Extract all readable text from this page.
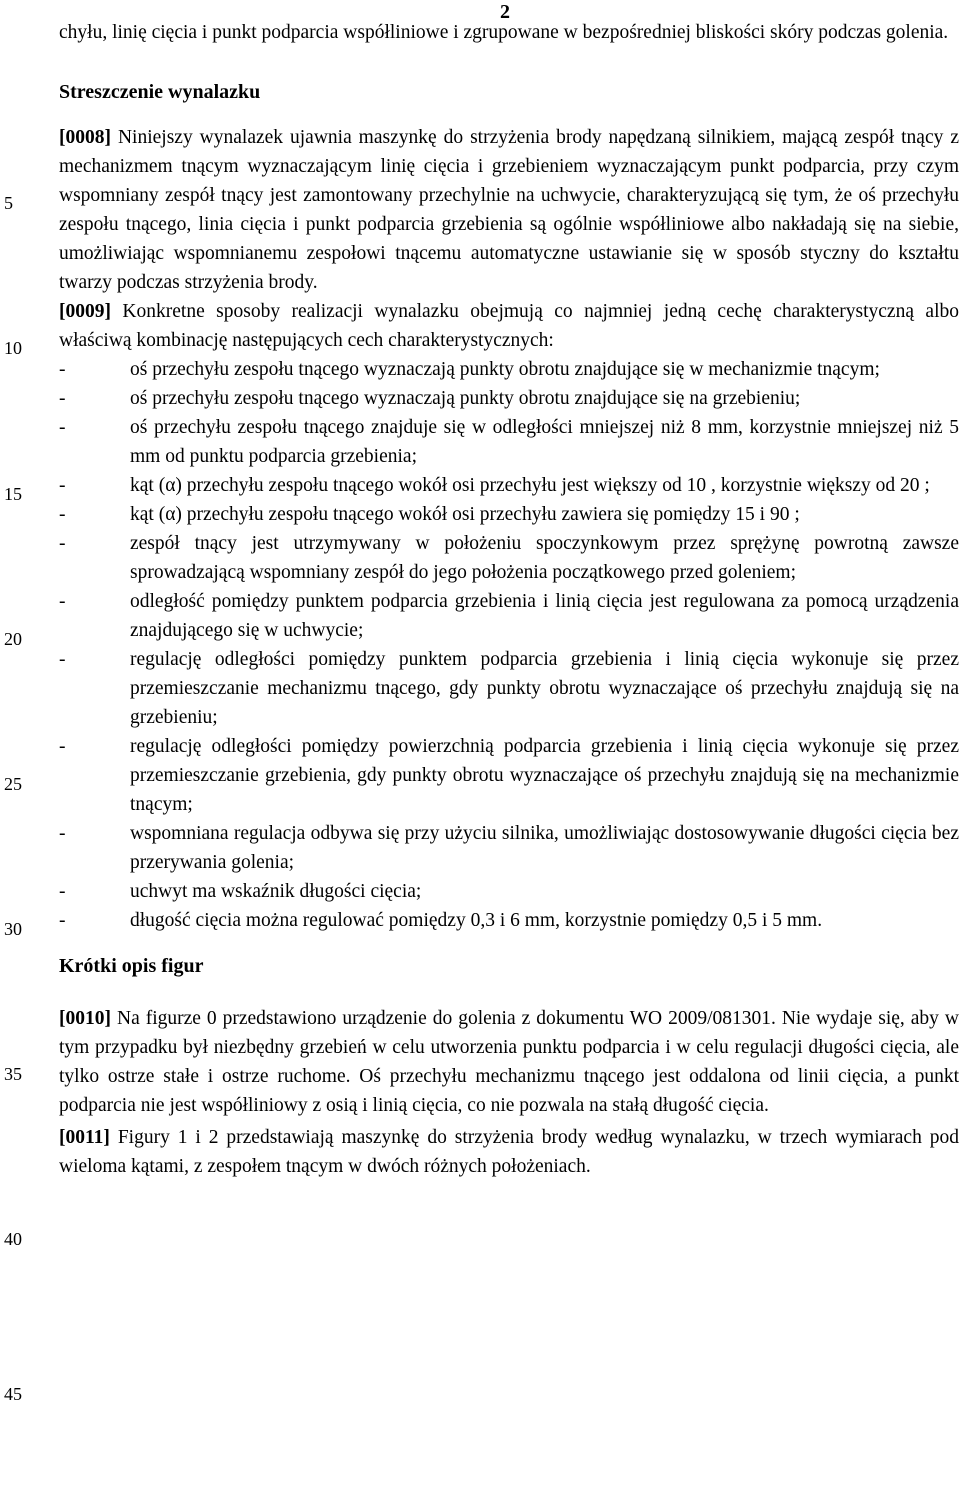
2
5
10
15
20
25
30
35
40
45

chyłu, linię cięcia i punkt podparcia współliniowe i zgrupowane w bezpośredniej bliskości skóry podczas golenia.

Streszczenie wynalazku

[0008] Niniejszy wynalazek ujawnia maszynkę do strzyżenia brody napędzaną silnikiem, mającą zespół tnący z mechanizmem tnącym wyznaczającym linię cięcia i grzebieniem wyznaczającym punkt podparcia, przy czym wspomniany zespół tnący jest zamontowany przechylnie na uchwycie, charakteryzującą się tym, że oś przechyłu zespołu tnącego, linia cięcia i punkt podparcia grzebienia są ogólnie współliniowe albo nakładają się na siebie, umożliwiając wspomnianemu zespołowi tnącemu automatyczne ustawianie się w sposób styczny do kształtu twarzy podczas strzyżenia brody.

[0009] Konkretne sposoby realizacji wynalazku obejmują co najmniej jedną cechę charakterystyczną albo właściwą kombinację następujących cech charakterystycznych:

-	oś przechyłu zespołu tnącego wyznaczają punkty obrotu znajdujące się w mechanizmie tnącym;
-	oś przechyłu zespołu tnącego wyznaczają punkty obrotu znajdujące się na grzebieniu;
-	oś przechyłu zespołu tnącego znajduje się w odległości mniejszej niż 8 mm, korzystnie mniejszej niż 5 mm od punktu podparcia grzebienia;
-	kąt (α) przechyłu zespołu tnącego wokół osi przechyłu jest większy od 10 , korzystnie większy od 20 ;
-	kąt (α) przechyłu zespołu tnącego wokół osi przechyłu zawiera się pomiędzy 15 i 90 ;
-	zespół tnący jest utrzymywany w położeniu spoczynkowym przez sprężynę powrotną zawsze sprowadzającą wspomniany zespół do jego położenia początkowego przed goleniem;
-	odległość pomiędzy punktem podparcia grzebienia i linią cięcia jest regulowana za pomocą urządzenia znajdującego się w uchwycie;
-	regulację odległości pomiędzy punktem podparcia grzebienia i linią cięcia wykonuje się przez przemieszczanie mechanizmu tnącego, gdy punkty obrotu wyznaczające oś przechyłu znajdują się na grzebieniu;
-	regulację odległości pomiędzy powierzchnią podparcia grzebienia i linią cięcia wykonuje się przez przemieszczanie grzebienia, gdy punkty obrotu wyznaczające oś przechyłu znajdują się na mechanizmie tnącym;
-	wspomniana regulacja odbywa się przy użyciu silnika, umożliwiając dostosowywanie długości cięcia bez przerywania golenia;
-	uchwyt ma wskaźnik długości cięcia;
-	długość cięcia można regulować pomiędzy 0,3 i 6 mm, korzystnie pomiędzy 0,5 i 5 mm.
Krótki opis figur

[0010] Na figurze 0 przedstawiono urządzenie do golenia z dokumentu WO 2009/081301. Nie wydaje się, aby w tym przypadku był niezbędny grzebień w celu utworzenia punktu podparcia i w celu regulacji długości cięcia, ale tylko ostrze stałe i ostrze ruchome. Oś przechyłu mechanizmu tnącego jest oddalona od linii cięcia, a punkt podparcia nie jest współliniowy z osią i linią cięcia, co nie pozwala na stałą długość cięcia.

[0011] Figury 1 i 2 przedstawiają maszynkę do strzyżenia brody według wynalazku, w trzech wymiarach pod wieloma kątami, z zespołem tnącym w dwóch różnych położeniach.
